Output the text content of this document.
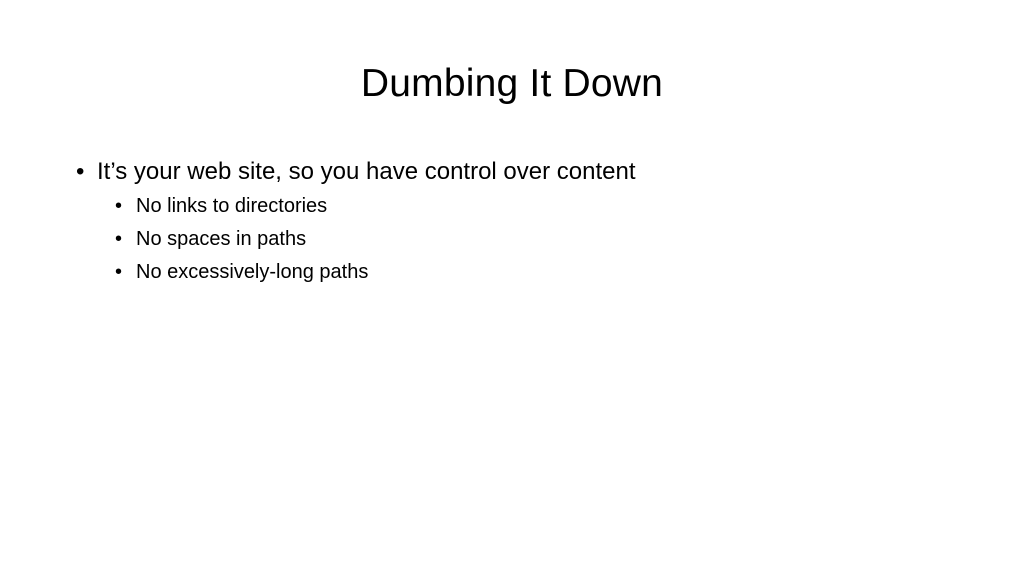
Dumbing It Down
• It’s your web site, so you have control over content
• No links to directories
• No spaces in paths
• No excessively-long paths
